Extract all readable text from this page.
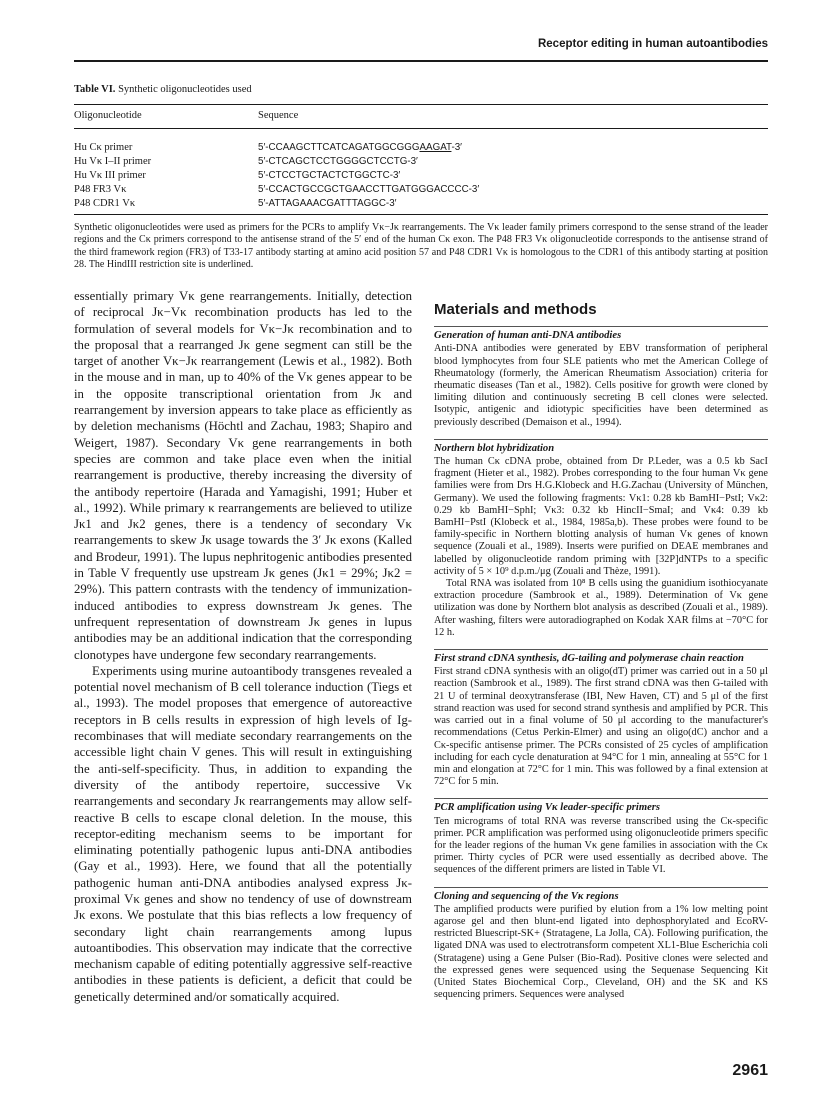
Receptor editing in human autoantibodies
Table VI. Synthetic oligonucleotides used
Oligonucleotide	Sequence
Hu Cκ primer	5′-CCAAGCTTCATCAGATGGCGGGAAGAT-3′
Hu Vκ I–II primer	5′-CTCAGCTCCTGGGGCTCCTG-3′
Hu Vκ III primer	5′-CTCCTGCTACTCTGGCTC-3′
P48 FR3 Vκ	5′-CCACTGCCGCTGAACCTTGATGGGACCCC-3′
P48 CDR1 Vκ	5′-ATTAGAAACGATTTAGGC-3′
Synthetic oligonucleotides were used as primers for the PCRs to amplify Vκ−Jκ rearrangements. The Vκ leader family primers correspond to the sense strand of the leader regions and the Cκ primers correspond to the antisense strand of the 5′ end of the human Cκ exon. The P48 FR3 Vκ oligonucleotide corresponds to the antisense strand of the third framework region (FR3) of T33-17 antibody starting at amino acid position 57 and P48 CDR1 Vκ is homologous to the CDR1 of this antibody starting at position 28. The HindIII restriction site is underlined.

essentially primary Vκ gene rearrangements. Initially, detection of reciprocal Jκ−Vκ recombination products has led to the formulation of several models for Vκ−Jκ recombination and to the proposal that a rearranged Jκ gene segment can still be the target of another Vκ−Jκ rearrangement (Lewis et al., 1982). Both in the mouse and in man, up to 40% of the Vκ genes appear to be in the opposite transcriptional orientation from Jκ and rearrangement by inversion appears to take place as efficiently as by deletion mechanisms (Höchtl and Zachau, 1983; Shapiro and Weigert, 1987). Secondary Vκ gene rearrangements in both species are common and take place even when the initial rearrangement is productive, thereby increasing the diversity of the antibody repertoire (Harada and Yamagishi, 1991; Huber et al., 1992). While primary κ rearrangements are believed to utilize Jκ1 and Jκ2 genes, there is a tendency of secondary Vκ rearrangements to skew Jκ usage towards the 3′ Jκ exons (Kalled and Brodeur, 1991). The lupus nephritogenic antibodies presented in Table V frequently use upstream Jκ genes (Jκ1 = 29%; Jκ2 = 29%). This pattern contrasts with the tendency of immunization-induced antibodies to express downstream Jκ genes. The unfrequent representation of downstream Jκ genes in lupus antibodies may be an additional indication that the corresponding clonotypes have undergone few secondary rearrangements.

Experiments using murine autoantibody transgenes revealed a potential novel mechanism of B cell tolerance induction (Tiegs et al., 1993). The model proposes that emergence of autoreactive receptors in B cells results in expression of high levels of Ig-recombinases that will mediate secondary rearrangements on the accessible light chain V genes. This will result in extinguishing the anti-self-specificity. Thus, in addition to expanding the diversity of the antibody repertoire, successive Vκ rearrangements and secondary Jκ rearrangements may allow self-reactive B cells to escape clonal deletion. In the mouse, this receptor-editing mechanism seems to be important for eliminating potentially pathogenic lupus anti-DNA antibodies (Gay et al., 1993). Here, we found that all the potentially pathogenic human anti-DNA antibodies analysed express Jκ-proximal Vκ genes and show no tendency of use of downstream Jκ exons. We postulate that this bias reflects a low frequency of secondary light chain rearrangements among lupus autoantibodies. This observation may indicate that the corrective mechanism capable of editing potentially aggressive self-reactive antibodies in these patients is deficient, a deficit that could be genetically determined and/or somatically acquired.

Materials and methods
Generation of human anti-DNA antibodies

Anti-DNA antibodies were generated by EBV transformation of peripheral blood lymphocytes from four SLE patients who met the American College of Rheumatology (formerly, the American Rheumatism Association) criteria for rheumatic diseases (Tan et al., 1982). Cells positive for growth were cloned by limiting dilution and continuously secreting B cell clones were selected. Isotypic, antigenic and idiotypic specificities have been determined as previously described (Demaison et al., 1994).

Northern blot hybridization

The human Cκ cDNA probe, obtained from Dr P.Leder, was a 0.5 kb SacI fragment (Hieter et al., 1982). Probes corresponding to the four human Vκ gene families were from Drs H.G.Klobeck and H.G.Zachau (University of München, Germany). We used the following fragments: Vκ1: 0.28 kb BamHI−PstI; Vκ2: 0.29 kb BamHI−SphI; Vκ3: 0.32 kb HincII−SmaI; and Vκ4: 0.39 kb BamHI−PstI (Klobeck et al., 1984, 1985a,b). These probes were found to be family-specific in Northern blotting analysis of human Vκ genes of known sequence (Zouali et al., 1989). Inserts were purified on DEAE membranes and labelled by oligonucleotide random priming with [32P]dNTPs to a specific activity of 5 × 10⁹ d.p.m./μg (Zouali and Thèze, 1991).

Total RNA was isolated from 10⁸ B cells using the guanidium isothiocyanate extraction procedure (Sambrook et al., 1989). Determination of Vκ gene utilization was done by Northern blot analysis as described (Zouali et al., 1989). After washing, filters were autoradiographed on Kodak XAR films at −70°C for 12 h.

First strand cDNA synthesis, dG-tailing and polymerase chain reaction

First strand cDNA synthesis with an oligo(dT) primer was carried out in a 50 μl reaction (Sambrook et al., 1989). The first strand cDNA was then G-tailed with 21 U of terminal deoxytransferase (IBI, New Haven, CT) and 5 μl of the first strand reaction was used for second strand synthesis and amplified by PCR. This was carried out in a final volume of 50 μl according to the manufacturer's recommendations (Cetus Perkin-Elmer) and using an oligo(dC) anchor and a Cκ-specific antisense primer. The PCRs consisted of 25 cycles of amplification including for each cycle denaturation at 94°C for 1 min, annealing at 55°C for 1 min and elongation at 72°C for 1 min. This was followed by a final extension at 72°C for 5 min.

PCR amplification using Vκ leader-specific primers

Ten micrograms of total RNA was reverse transcribed using the Cκ-specific primer. PCR amplification was performed using oligonucleotide primers specific for the leader regions of the human Vκ gene families in association with the Cκ primer. Thirty cycles of PCR were used essentially as decribed above. The sequences of the different primers are listed in Table VI.

Cloning and sequencing of the Vκ regions

The amplified products were purified by elution from a 1% low melting point agarose gel and then blunt-end ligated into dephosphorylated and EcoRV-restricted Bluescript-SK+ (Stratagene, La Jolla, CA). Following purification, the ligated DNA was used to electrotransform competent XL1-Blue Escherichia coli (Stratagene) using a Gene Pulser (Bio-Rad). Positive clones were selected and the expressed genes were sequenced using the Sequenase Sequencing Kit (United States Biochemical Corp., Cleveland, OH) and the SK and KS sequencing primers. Sequences were analysed

2961
